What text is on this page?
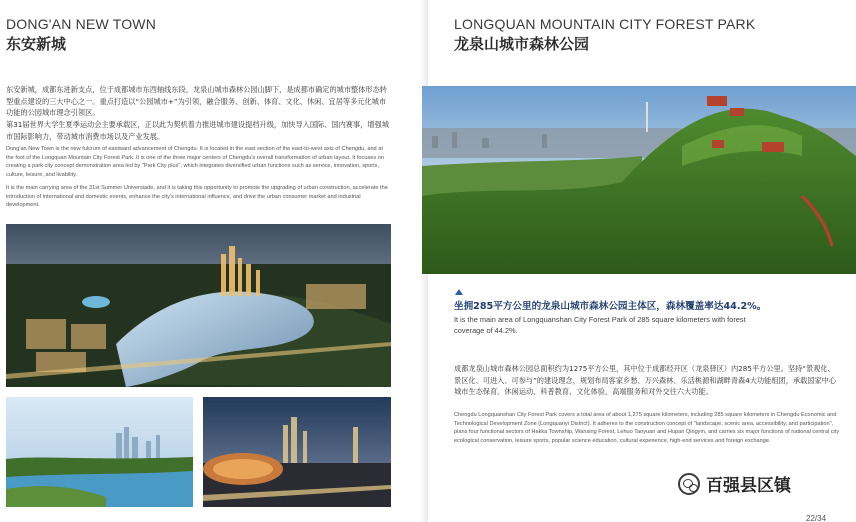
DONG'AN NEW TOWN
东安新城
东安新城，成都东进新支点，位于成都城市东西轴线东段，龙泉山城市森林公园山脚下，是成都市确定的城市整体形态转型重点建设的三大中心之一。重点打造以“公园城市+”为引领，融合服务、创新、体育、文化、休闲、宜居等多元化城市功能的公园城市理念引领区。
第31届世界大学生夏季运动会主要承载区，正以此为契机着力推进城市建设提档升级，加快导入国际、国内赛事，增强城市国际影响力，带动城市消费市场以及产业发展。
Dong'an New Town is the new fulcrum of eastward advancement of Chengdu. It is located in the east section of the east-to-west axis of Chengdu, and at the foot of the Longquan Mountain City Forest Park. It is one of the three major centers of Chengdu's overall transformation of urban layout. It focuses on creating a park city concept demonstration area led by "Park City plus", which integrates diversified urban functions such as service, innovation, sports, culture, leisure, and livability.
It is the main carrying area of the 31st Summer Universiade, and it is taking this opportunity to promote the upgrading of urban construction, accelerate the introduction of international and domestic events, enhance the city's international influence, and drive the urban consumer market and industrial development.
LONGQUAN MOUNTAIN CITY FOREST PARK
龙泉山城市森林公园
坐拥285平方公里的龙泉山城市森林公园主体区，森林覆盖率达44.2%。
It is the main area of Longquanshan City Forest Park of 285 square kilometers with forest coverage of 44.2%.
成都龙泉山城市森林公园总面积约为1275平方公里，其中位于成都经开区（龙泉驿区）内285平方公里。坚持“景观化、景区化、可进入、可参与”的建设理念，规划布局客家乡愁、万兴森林、乐活桃源和湖畔青森4大功能组团，承载国家中心城市生态保育、休闲运动、科普教育、文化体验、高端服务和对外交往六大功能。
Chengdu Longquanshan City Forest Park covers a total area of about 1,275 square kilometers, including 285 square kilometers in Chengdu Economic and Technological Development Zone (Longquanyi District). It adheres to the construction concept of "landscape, scenic area, accessibility, and participation", plans four functional sectors of Hakka Township, Wanxing Forest, Lehuo Taoyuan and Hupan Qingyin, and carries six major functions of national central city ecological conservation, leisure sports, popular science education, cultural experience, high-end services and foreign exchange.
百强县区镇
22/34
